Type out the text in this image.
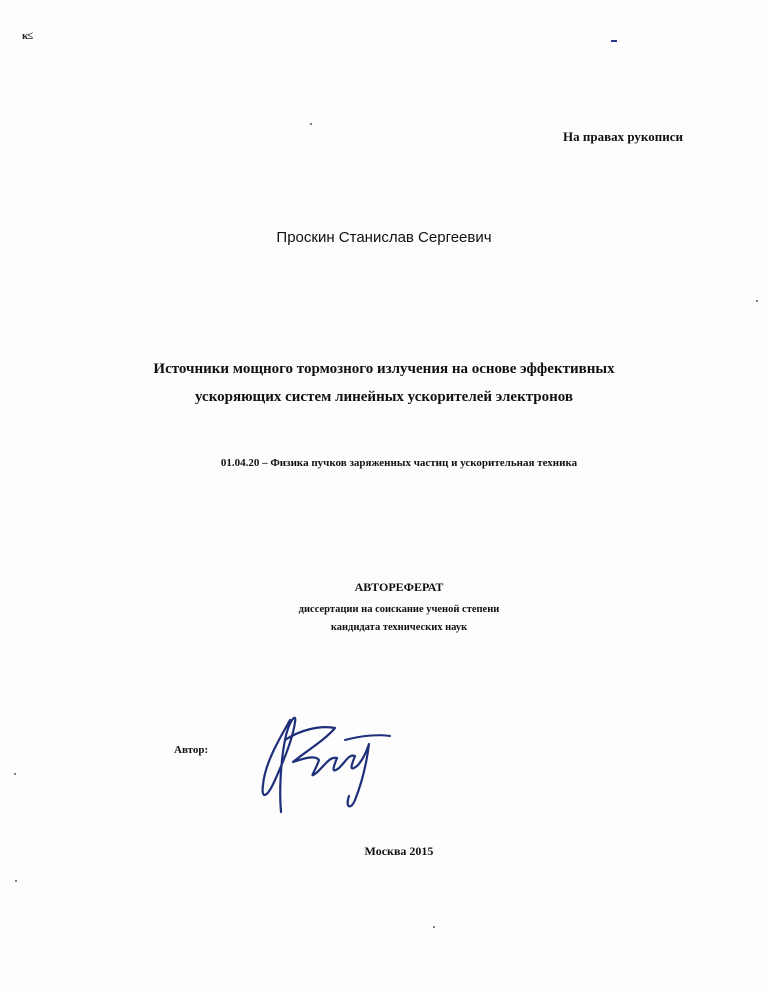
κ≤
На правах рукописи
Проскин Станислав Сергеевич
Источники мощного тормозного излучения на основе эффективных
ускоряющих систем линейных ускорителей электронов
01.04.20 – Физика пучков заряженных частиц и ускорительная техника
АВТОРЕФЕРАТ
диссертации на соискание ученой степени
кандидата технических наук
Автор:
Москва 2015
